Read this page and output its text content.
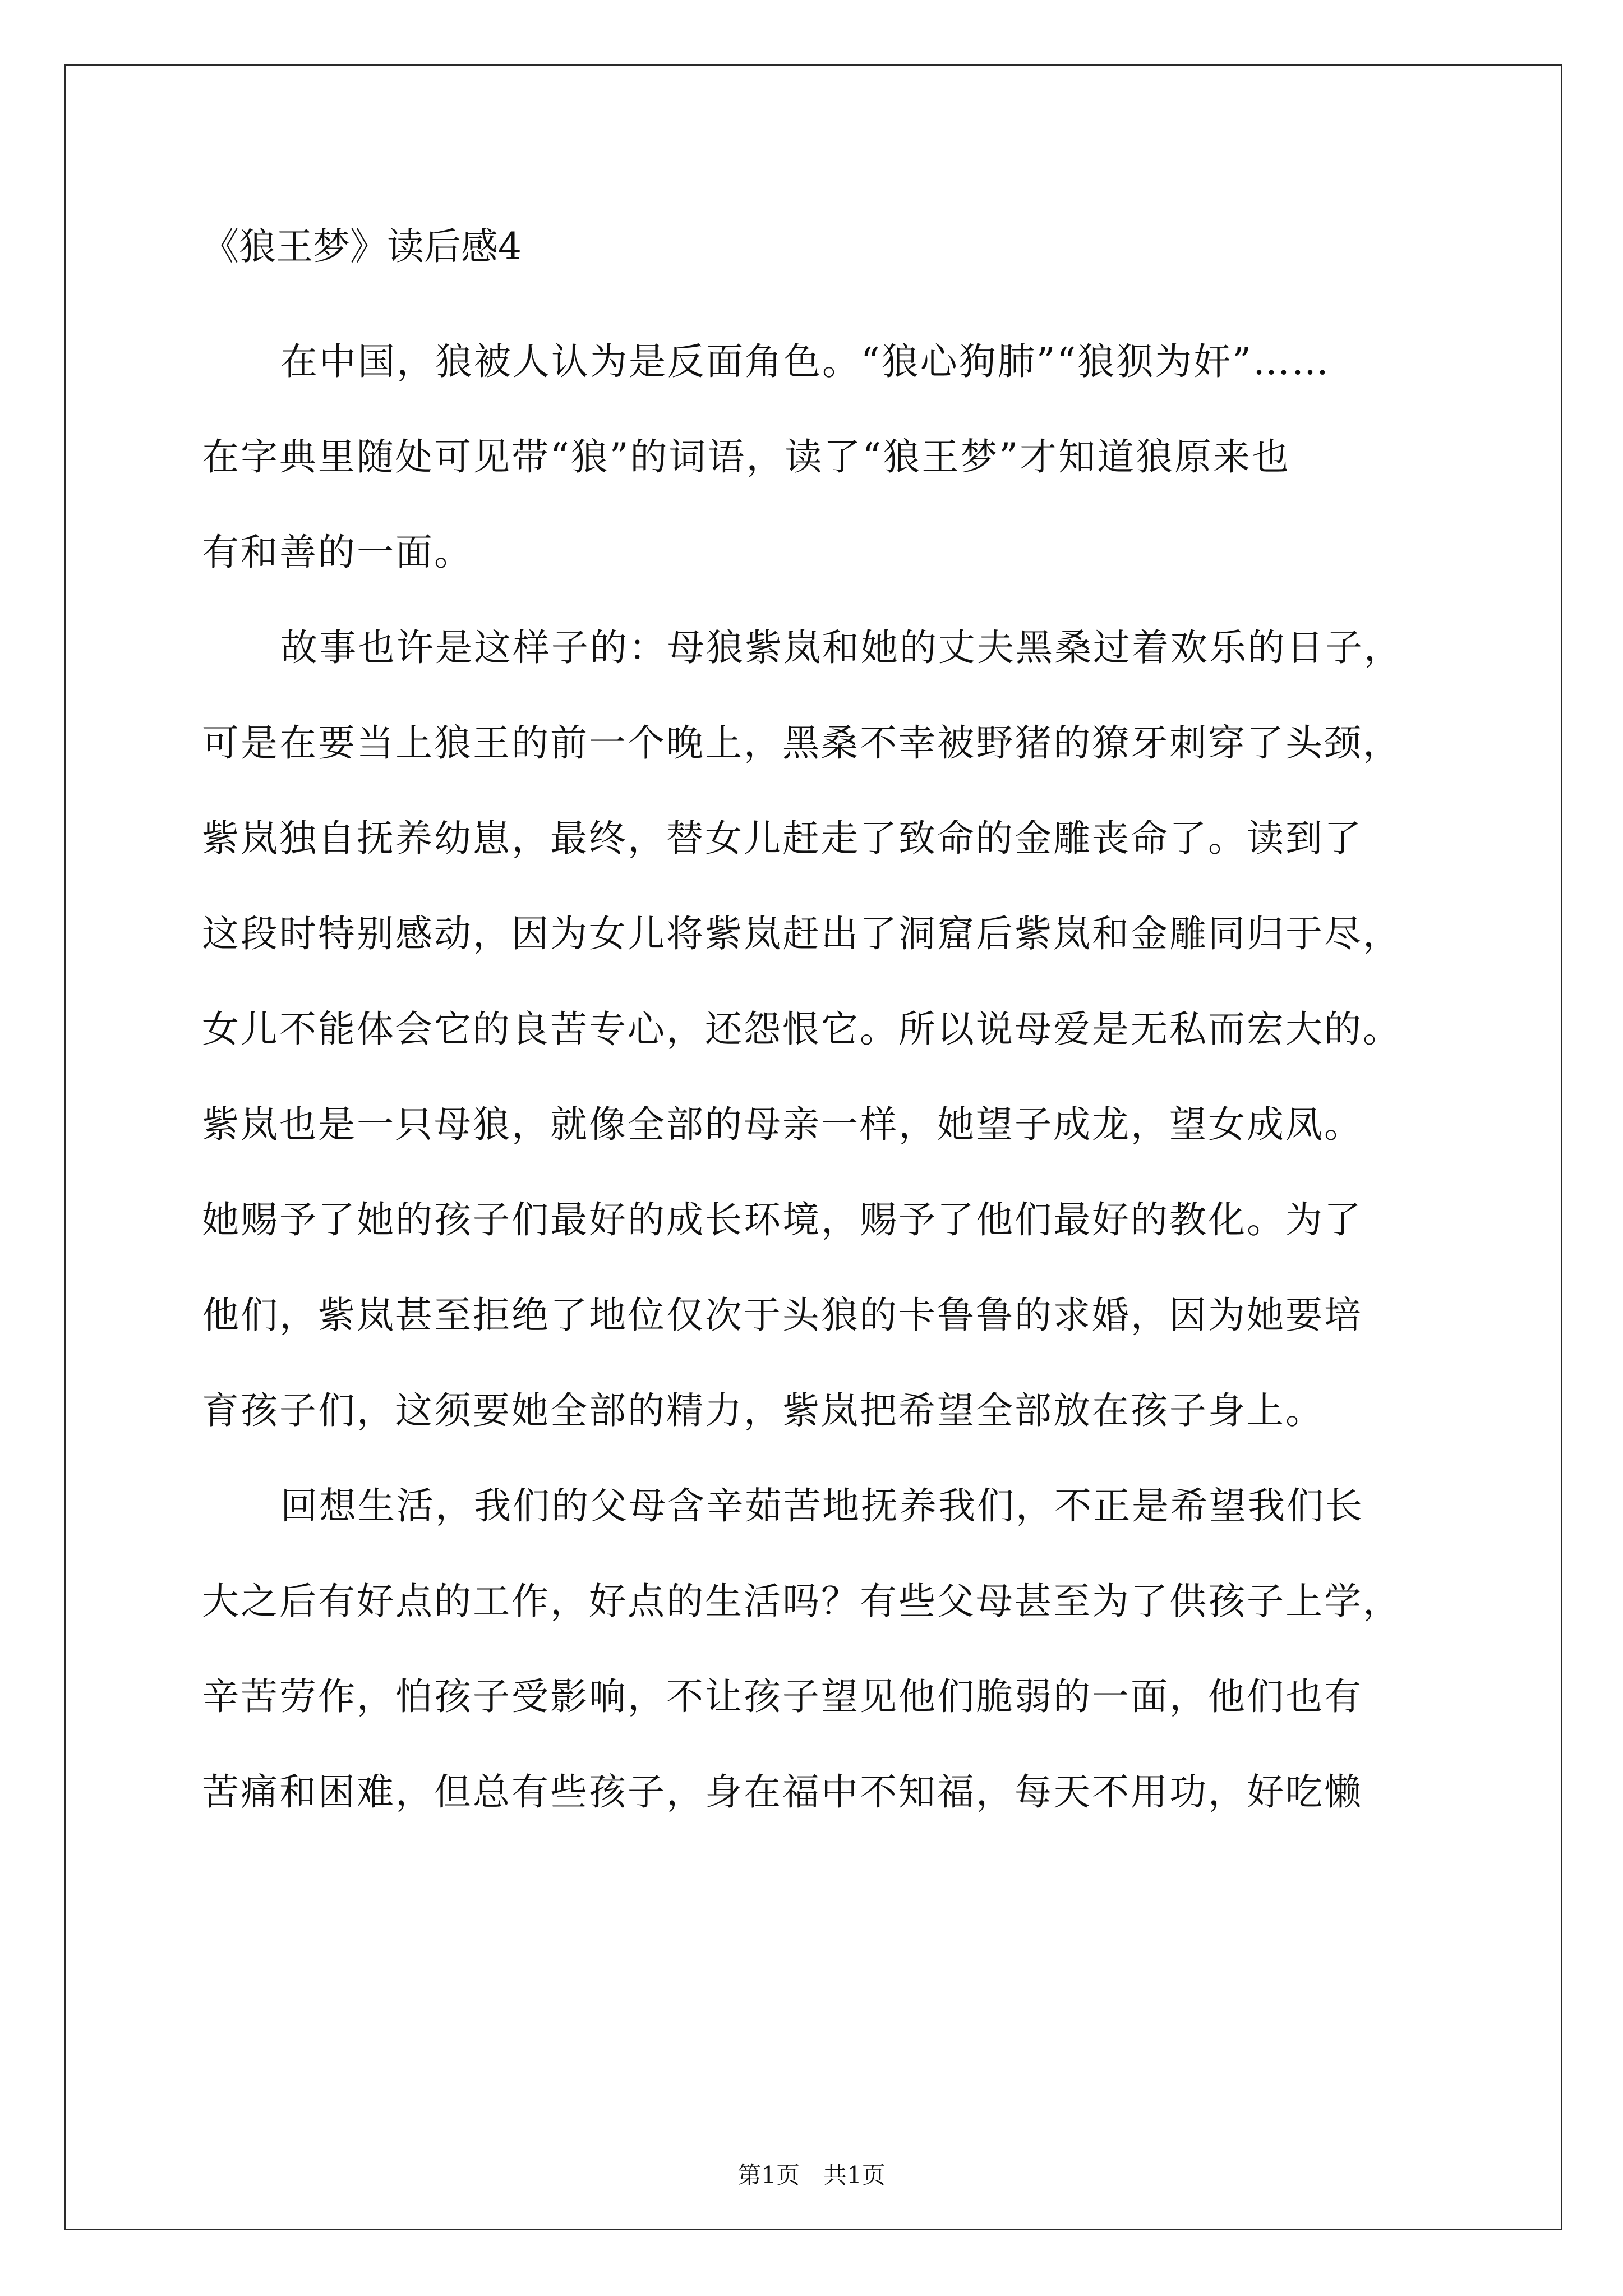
《狼王梦》读后感4

在中国，狼被人认为是反面角色。“狼心狗肺”“狼狈为奸”……

在字典里随处可见带“狼”的词语，读了“狼王梦”才知道狼原来也

有和善的一面。

故事也许是这样子的：母狼紫岚和她的丈夫黑桑过着欢乐的日子，

可是在要当上狼王的前一个晚上，黑桑不幸被野猪的獠牙刺穿了头颈，

紫岚独自抚养幼崽，最终，替女儿赶走了致命的金雕丧命了。读到了

这段时特别感动，因为女儿将紫岚赶出了洞窟后紫岚和金雕同归于尽，

女儿不能体会它的良苦专心，还怨恨它。所以说母爱是无私而宏大的。

紫岚也是一只母狼，就像全部的母亲一样，她望子成龙，望女成凤。

她赐予了她的孩子们最好的成长环境，赐予了他们最好的教化。为了

他们，紫岚甚至拒绝了地位仅次于头狼的卡鲁鲁的求婚，因为她要培

育孩子们，这须要她全部的精力，紫岚把希望全部放在孩子身上。

回想生活，我们的父母含辛茹苦地抚养我们，不正是希望我们长

大之后有好点的工作，好点的生活吗？有些父母甚至为了供孩子上学，

辛苦劳作，怕孩子受影响，不让孩子望见他们脆弱的一面，他们也有

苦痛和困难，但总有些孩子，身在福中不知福，每天不用功，好吃懒

第1页　共1页
